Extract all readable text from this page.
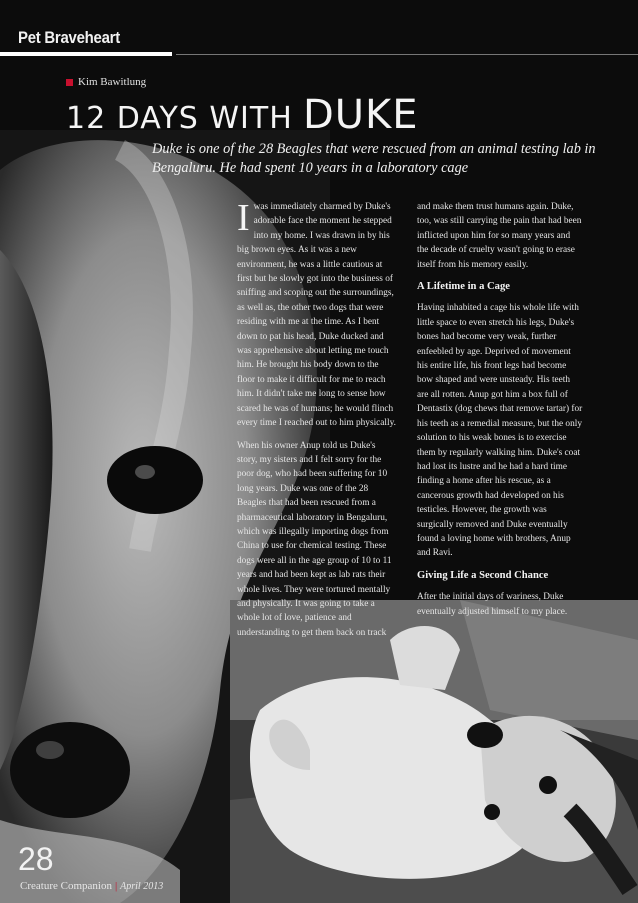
Pet Braveheart
Kim Bawitlung
12 DAYS WITH DUKE

Duke is one of the 28 Beagles that were rescued from an animal testing lab in Bengaluru. He had spent 10 years in a laboratory cage

Iwas immediately charmed by Duke's adorable face the moment he stepped into my home. I was drawn in by his big brown eyes. As it was a new environment, he was a little cautious at first but he slowly got into the business of sniffing and scoping out the surroundings, as well as, the other two dogs that were residing with me at the time. As I bent down to pat his head, Duke ducked and was apprehensive about letting me touch him. He brought his body down to the floor to make it difficult for me to reach him. It didn't take me long to sense how scared he was of humans; he would flinch every time I reached out to him physically.

When his owner Anup told us Duke's story, my sisters and I felt sorry for the poor dog, who had been suffering for 10 long years. Duke was one of the 28 Beagles that had been rescued from a pharmaceutical laboratory in Bengaluru, which was illegally importing dogs from China to use for chemical testing. These dogs were all in the age group of 10 to 11 years and had been kept as lab rats their whole lives. They were tortured mentally and physically. It was going to take a whole lot of love, patience and understanding to get them back on track

and make them trust humans again. Duke, too, was still carrying the pain that had been inflicted upon him for so many years and the decade of cruelty wasn't going to erase itself from his memory easily.

A Lifetime in a Cage

Having inhabited a cage his whole life with little space to even stretch his legs, Duke's bones had become very weak, further enfeebled by age. Deprived of movement his entire life, his front legs had become bow shaped and were unsteady. His teeth are all rotten. Anup got him a box full of Dentastix (dog chews that remove tartar) for his teeth as a remedial measure, but the only solution to his weak bones is to exercise them by regularly walking him. Duke's coat had lost its lustre and he had a hard time finding a home after his rescue, as a cancerous growth had developed on his testicles. However, the growth was surgically removed and Duke eventually found a loving home with brothers, Anup and Ravi.

Giving Life a Second Chance

After the initial days of wariness, Duke eventually adjusted himself to my place.

28
Creature Companion | April 2013
